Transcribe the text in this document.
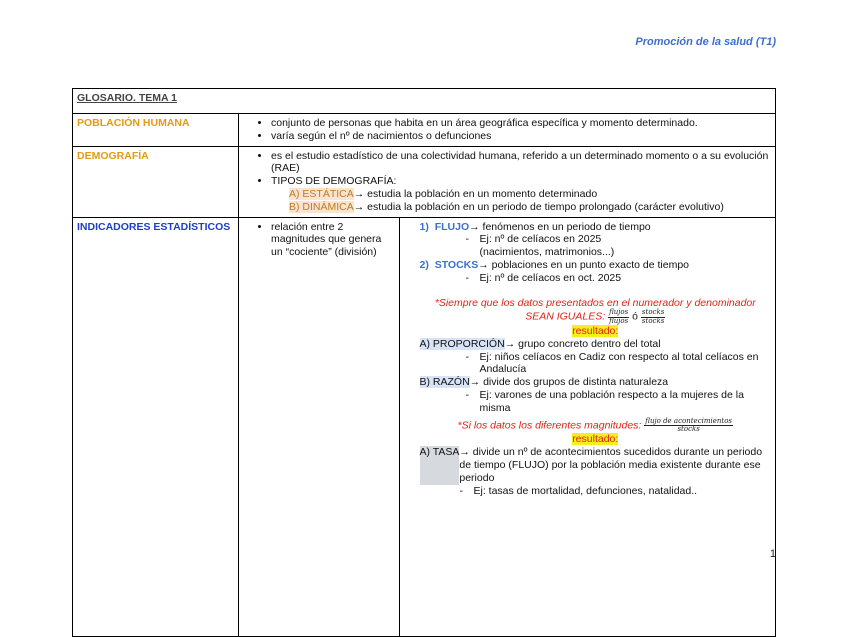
Promoción de la salud (T1)
GLOSARIO. TEMA 1
POBLACIÓN HUMANA	
•conjunto de personas que habita en un área geográfica específica y momento determinado.
• varía según el nº de nacimientos o defunciones

DEMOGRAFÍA	
•es el estudio estadístico de una colectividad humana, referido a un determinado momento o a su evolución (RAE)
• TIPOS DE DEMOGRAFÍA:
A) ESTÁTICA→ estudia la población en un momento determinado
B) DINÁMICA→ estudia la población en un periodo de tiempo prolongado (carácter evolutivo)

INDICADORES ESTADÍSTICOS	
•	relación entre 2 magnitudes que genera un “cociente” (división)

1) FLUJO→ fenómenos en un periodo de tiempo
- Ej: nº de celíacos en 2025
(nacimientos, matrimonios...)
2) STOCKS→ poblaciones en un punto exacto de tiempo
- Ej: nº de celíacos en oct. 2025
*Siempre que los datos presentados en el numerador y denominador
SEAN IGUALES: $\frac{\text{flujos}}{\text{flujos}}$ ó $\frac{\text{stocks}}{\text{stocks}}$
resultado:
A) PROPORCIÓN→ grupo concreto dentro del total
-	Ej: niños celíacos en Cadiz con respecto al total celíacos en Andalucía
B) RAZÓN→ divide dos grupos de distinta naturaleza
-	Ej: varones de una población respecto a la mujeres de la misma
*Si los datos los diferentes magnitudes: $\frac{\text{flujo de acontecimientos}}{\text{stocks}}$
resultado:
A) TASA → divide un nº de acontecimientos sucedidos durante un periodo de tiempo (FLUJO) por la población media existente durante ese periodo
- Ej: tasas de mortalidad, defunciones, natalidad..
1
